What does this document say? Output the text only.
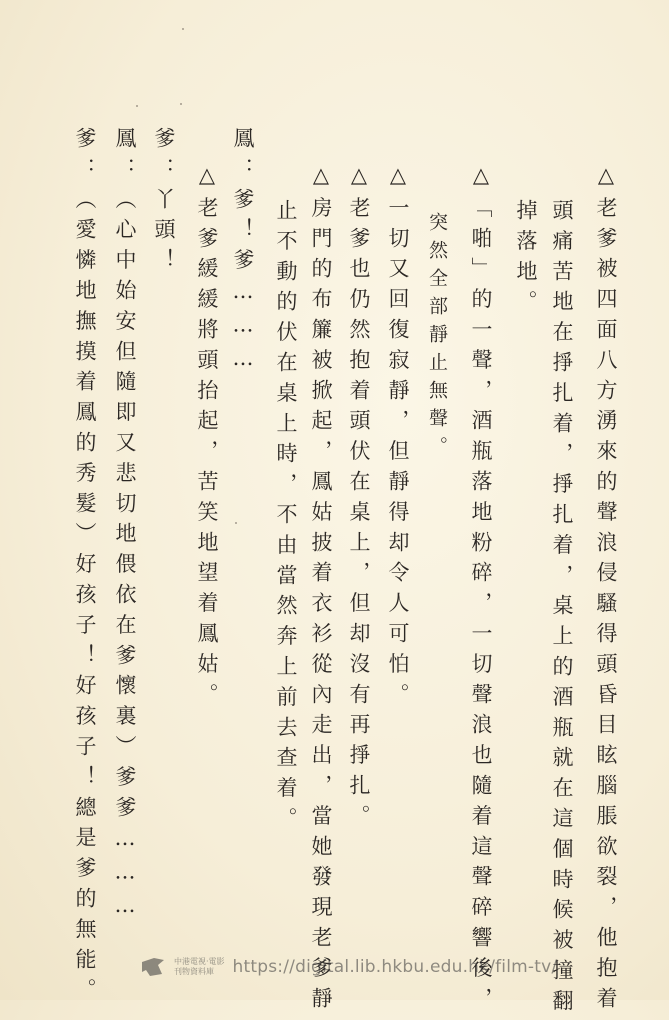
△老爹被四面八方湧來的聲浪侵騷得頭昏目眩腦脹欲裂，他抱着
頭痛苦地在掙扎着，掙扎着，桌上的酒瓶就在這個時候被撞翻
掉落地。
△「啪」的一聲，酒瓶落地粉碎，一切聲浪也隨着這聲碎響後，
突然全部靜止無聲。
△一切又回復寂靜，但靜得却令人可怕。
△老爹也仍然抱着頭伏在桌上，但却沒有再掙扎。
△房門的布簾被掀起，鳳姑披着衣衫從內走出，當她發現老爹靜
止不動的伏在桌上時，不由當然奔上前去查着。
鳳：爹！爹………
△老爹緩緩將頭抬起，苦笑地望着鳳姑。
爹：丫頭！
鳳：（心中始安但隨即又悲切地偎依在爹懷裏）爹爹………
爹：（愛憐地撫摸着鳳的秀髮）好孩子！好孩子！總是爹的無能。	中港電視‧電影
刊物資料庫	https://digital.lib.hkbu.edu.hk/film-tv/
